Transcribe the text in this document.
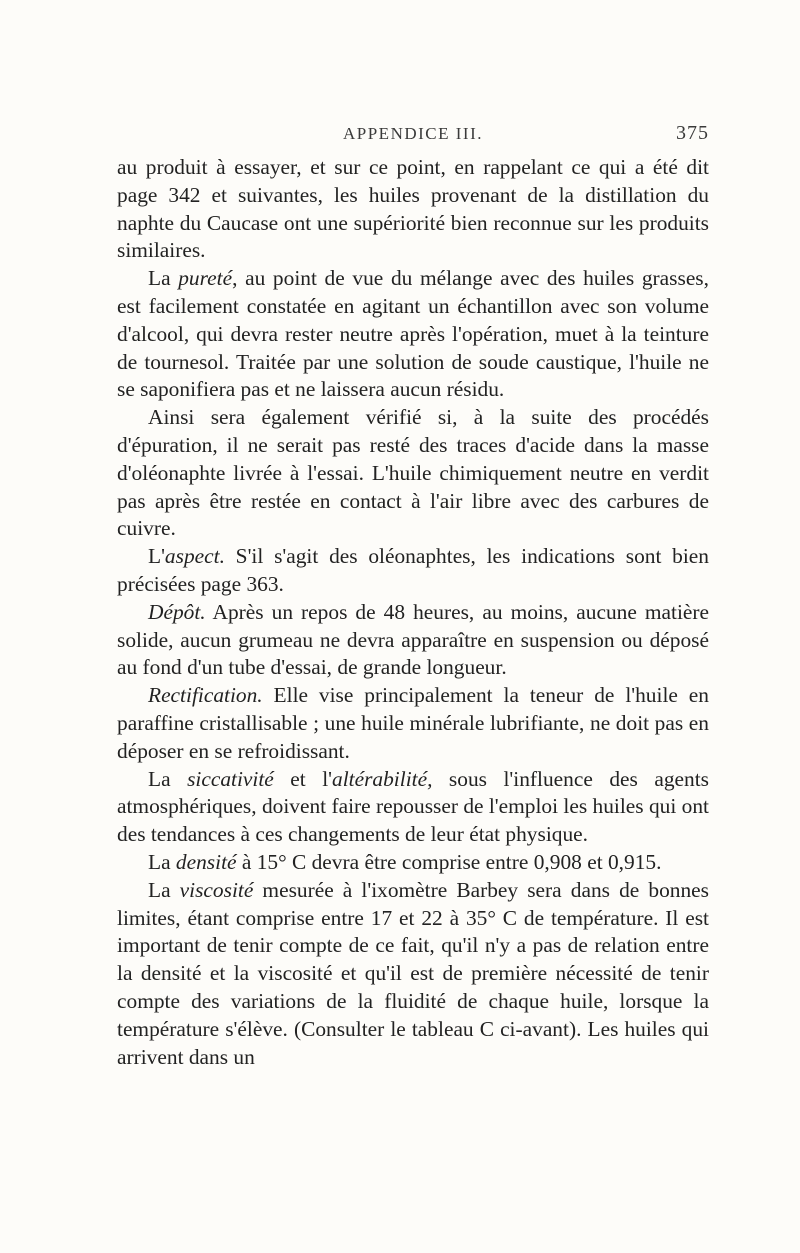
APPENDICE III.	375

au produit à essayer, et sur ce point, en rappelant ce qui a été dit page 342 et suivantes, les huiles provenant de la distillation du naphte du Caucase ont une supériorité bien reconnue sur les produits similaires.

La pureté, au point de vue du mélange avec des huiles grasses, est facilement constatée en agitant un échantillon avec son volume d'alcool, qui devra rester neutre après l'opération, muet à la teinture de tournesol. Traitée par une solution de soude caustique, l'huile ne se saponifiera pas et ne laissera aucun résidu.

Ainsi sera également vérifié si, à la suite des procédés d'épuration, il ne serait pas resté des traces d'acide dans la masse d'oléonaphte livrée à l'essai. L'huile chimiquement neutre en verdit pas après être restée en contact à l'air libre avec des carbures de cuivre.

L'aspect. S'il s'agit des oléonaphtes, les indications sont bien précisées page 363.

Dépôt. Après un repos de 48 heures, au moins, aucune matière solide, aucun grumeau ne devra apparaître en suspension ou déposé au fond d'un tube d'essai, de grande longueur.

Rectification. Elle vise principalement la teneur de l'huile en paraffine cristallisable ; une huile minérale lubrifiante, ne doit pas en déposer en se refroidissant.

La siccativité et l'altérabilité, sous l'influence des agents atmosphériques, doivent faire repousser de l'emploi les huiles qui ont des tendances à ces changements de leur état physique.

La densité à 15° C devra être comprise entre 0,908 et 0,915.

La viscosité mesurée à l'ixomètre Barbey sera dans de bonnes limites, étant comprise entre 17 et 22 à 35° C de température. Il est important de tenir compte de ce fait, qu'il n'y a pas de relation entre la densité et la viscosité et qu'il est de première nécessité de tenir compte des variations de la fluidité de chaque huile, lorsque la température s'élève. (Consulter le tableau C ci-avant). Les huiles qui arrivent dans un
